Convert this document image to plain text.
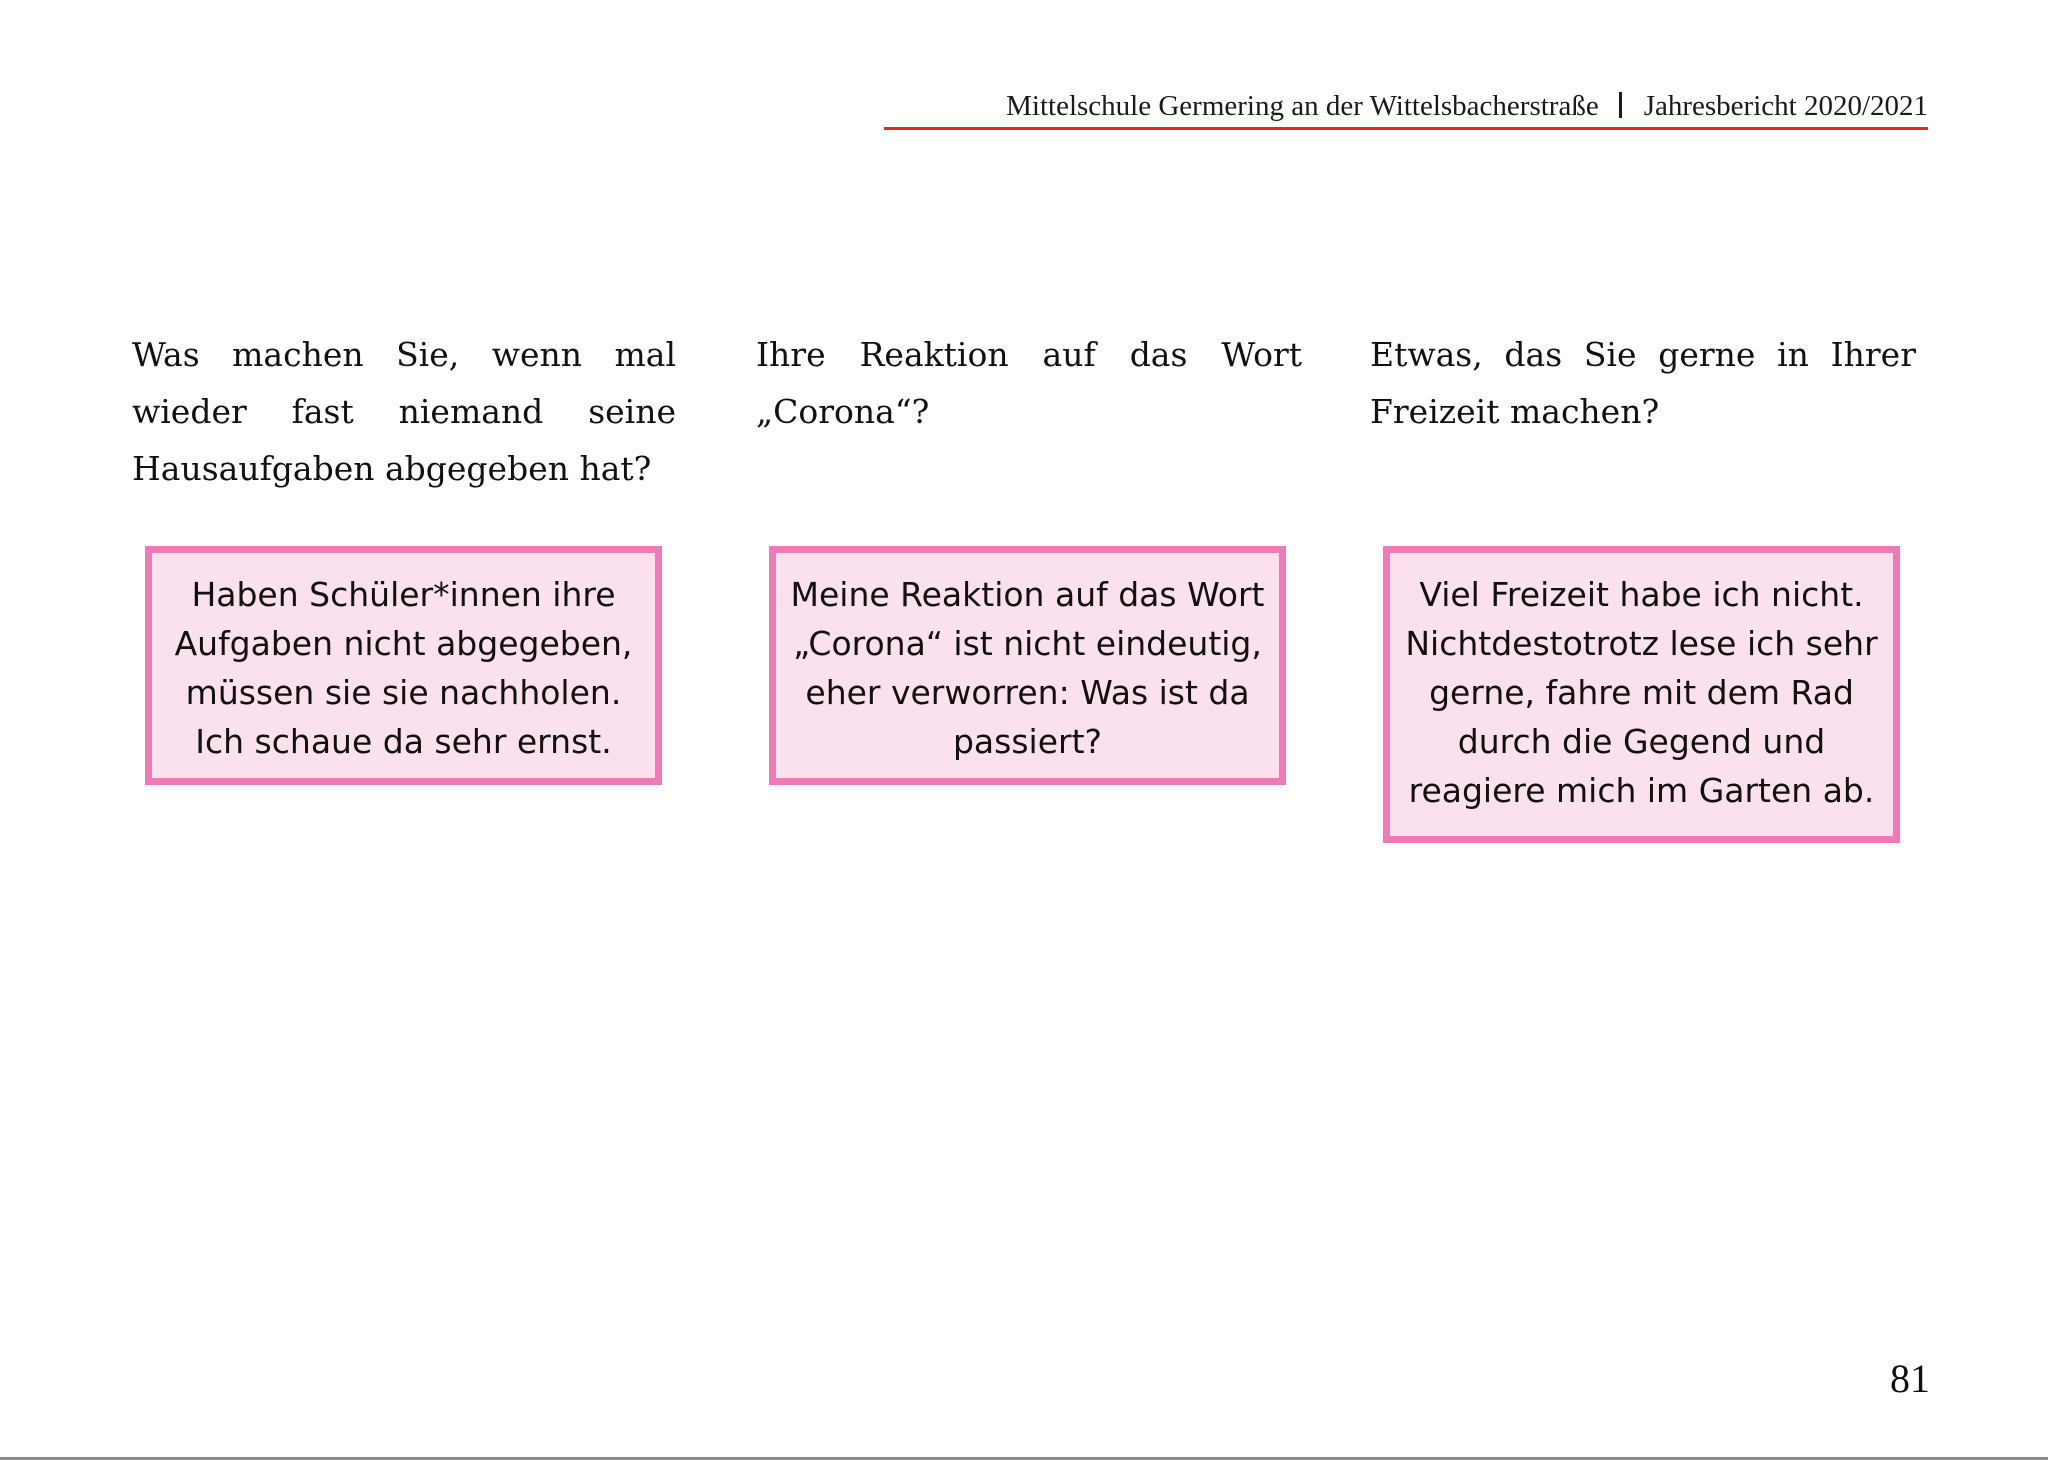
Mittelschule Germering an der Wittelsbacherstraße Jahresbericht 2020/2021
Was machen Sie, wenn mal wieder fast niemand seine Hausaufgaben abgegeben hat?
Ihre Reaktion auf das Wort
„Corona“?
Etwas, das Sie gerne in Ihrer
Freizeit machen?
Haben Schüler*innen ihre Aufgaben nicht abgegeben, müssen sie sie nachholen. Ich schaue da sehr ernst.
Meine Reaktion auf das Wort „Corona“ ist nicht eindeutig, eher verworren: Was ist da passiert?
Viel Freizeit habe ich nicht. Nichtdestotrotz lese ich sehr gerne, fahre mit dem Rad durch die Gegend und reagiere mich im Garten ab.
81
